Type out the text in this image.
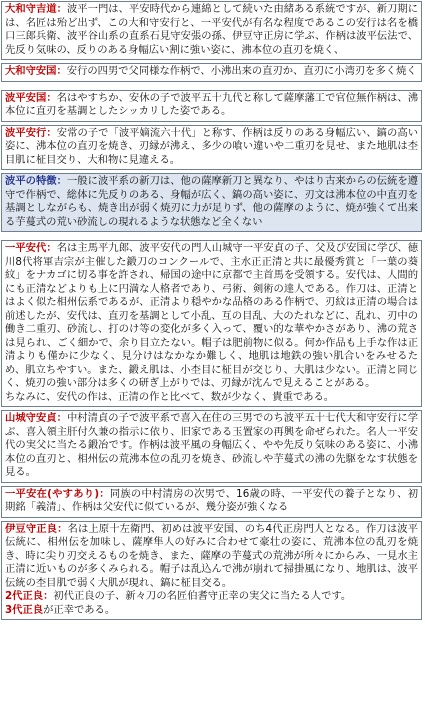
大和守吉道：波平一門は、平安時代から連綿として続いた由緒ある系統ですが、新刀期には、名匠は殆ど出ず、この大和守安行と、一平安代が有名な程度であるこの安行は名を橋口三郎兵衛、波平谷山系の直系石見守安張の孫、伊豆守正房に学ぶ、作柄は波平伝法で、先反り気味の、反りのある身幅広い割に強い姿に、沸本位の直刃を焼く、
大和守安国：安行の四男で父同様な作柄で、小沸出来の直刃か、直刃に小湾刃を多く焼く
波平安国：名はやすちか、安休の子で波平五十九代と称して薩摩藩工で官位無作柄は、沸本位に直刃を基調としたシッカリした姿である。
波平安行：安常の子で「波平嫡流六十代」と称す、作柄は反りのある身幅広い、鎬の高い姿に、沸本位の直刃を焼き、刃縁が沸え、多少の喰い違いや二重刃を見せ、また地肌は杢目肌に柾目交り、大和物に見違える。
波平の特徴：一般に波平系の新刀は、他の薩摩新刀と異なり、やはり古来からの伝統を遵守で作柄で、総体に先反りのある、身幅が広く、鎬の高い姿に、刃文は沸本位の中直刃を基調としながらも、焼き出が弱く焼刃に力が足りず、他の薩摩のように、焼が強くて出来る芋蔓式の荒い砂流しの現れるような状態など全くない
一平安代：名は主馬平九郎、波平安代の門人山城守一平安貞の子、父及び安国に学び、徳川8代将軍吉宗が主催した鍛刀のコンクールで、主水正正清と共に最優秀賞と「一葉の葵紋」をナカゴに切る事を許され、帰国の途中に京都で主首馬を受領する。安代は、人間的にも正清などよりも上に円満な人格者であり、弓術、剣術の達人である。作刀は、正清とはよく似た相州伝系であるが、正清より穏やかな品格のある作柄で、刃紋は正清の場合は前述したが、安代は、直刃を基調として小乱、互の目乱、大のたれなどに、乱れ、刃中の働き二重刃、砂流し、打のけ等の変化が多く入って、覆い的な華やかさがあり、沸の荒さは見られ、ごく細かで、余り目立たない。帽子は肥前物に似る。何か作品も上手な作は正清よりも僅かに少なく、見分けはなかなか難しく、地肌は地鉄の強い肌合いをみせるため、肌立ちやすい。また、鍛え肌は、小杢目に柾目が交じり、大肌は少ない。正清と同じく、焼刃の強い部分は多くの研ぎ上がりでは、刃縁が沈んで見えることがある。
ちなみに、安代の作は、正清の作と比べて、数が少なく、貴重である。
山城守安貞：中村清貞の子で波平系で喜入在住の三男でのち波平五十七代大和守安行に学ぶ、喜入領主肝付久兼の指示に依り、旧家である玉置家の再興を命ぜられた。名人一平安代の実父に当たる鍛冶です。作柄は波平風の身幅広く、やや先反り気味のある姿に、小沸本位の直刃と、相州伝の荒沸本位の乱刃を焼き、砂流しや芋蔓式の沸の先駆をなす状態を見る。
一平安在(やすあり)：同族の中村清房の次男で、16歳の時、一平安代の養子となり、初期銘「義清」、作柄は父安代に似ているが、幾分姿が強くなる
伊豆守正良：名は上原十左衛門、初めは波平安国、のち4代正房門人となる。作刀は波平伝統に、相州伝を加味し、薩摩隼人の好みに合わせて豪壮の姿に、荒沸本位の乱刃を焼き、時に尖り刃交えるものを焼き、また、薩摩の芋蔓式の荒沸が所々にからみ、一見水主正清に近いものが多くみられる。帽子は乱込んで沸が崩れて掃掛風になり、地肌は、波平伝統の杢目肌で弱く大肌が現れ、鎬に柾目交る。
2代正良：初代正良の子、新々刀の名匠伯耆守正幸の実父に当たる人です。
3代正良が正幸である。
